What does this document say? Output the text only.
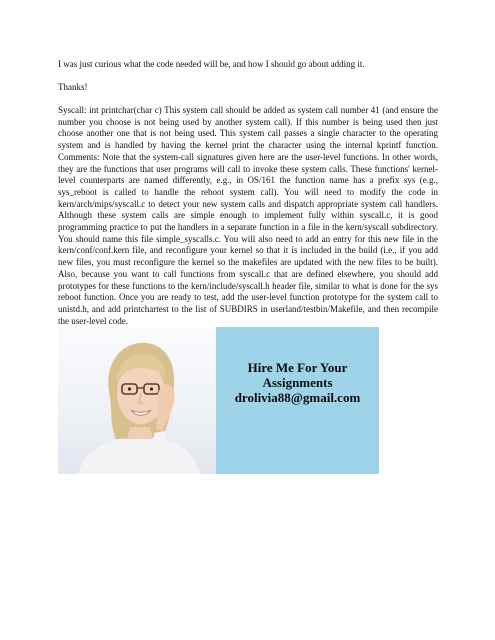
I was just curious what the code needed will be, and how I should go about adding it.

Thanks!

Syscall: int printchar(char c) This system call should be added as system call number 41 (and ensure the number you choose is not being used by another system call). If this number is being used then just choose another one that is not being used. This system call passes a single character to the operating system and is handled by having the kernel print the character using the internal kprintf function. Comments: Note that the system-call signatures given here are the user-level functions. In other words, they are the functions that user programs will call to invoke these system calls. These functions' kernel-level counterparts are named differently, e.g., in OS/161 the function name has a prefix sys (e.g., sys_reboot is called to handle the reboot system call). You will need to modify the code in kern/arch/mips/syscall.c to detect your new system calls and dispatch appropriate system call handlers. Although these system calls are simple enough to implement fully within syscall.c, it is good programming practice to put the handlers in a separate function in a file in the kern/syscall subdirectory. You should name this file simple_syscalls.c. You will also need to add an entry for this new file in the kern/conf/conf.kern file, and reconfigure your kernel so that it is included in the build (i.e., if you add new files, you must reconfigure the kernel so the makefiles are updated with the new files to be built). Also, because you want to call functions from syscall.c that are defined elsewhere, you should add prototypes for these functions to the kern/include/syscall.h header file, similar to what is done for the sys reboot function. Once you are ready to test, add the user-level function prototype for the system call to unistd.h, and add printchartest to the list of SUBDIRS in userland/testbin/Makefile, and then recompile the user-level code.

Hire Me For Your
Assignments
drolivia88@gmail.com
